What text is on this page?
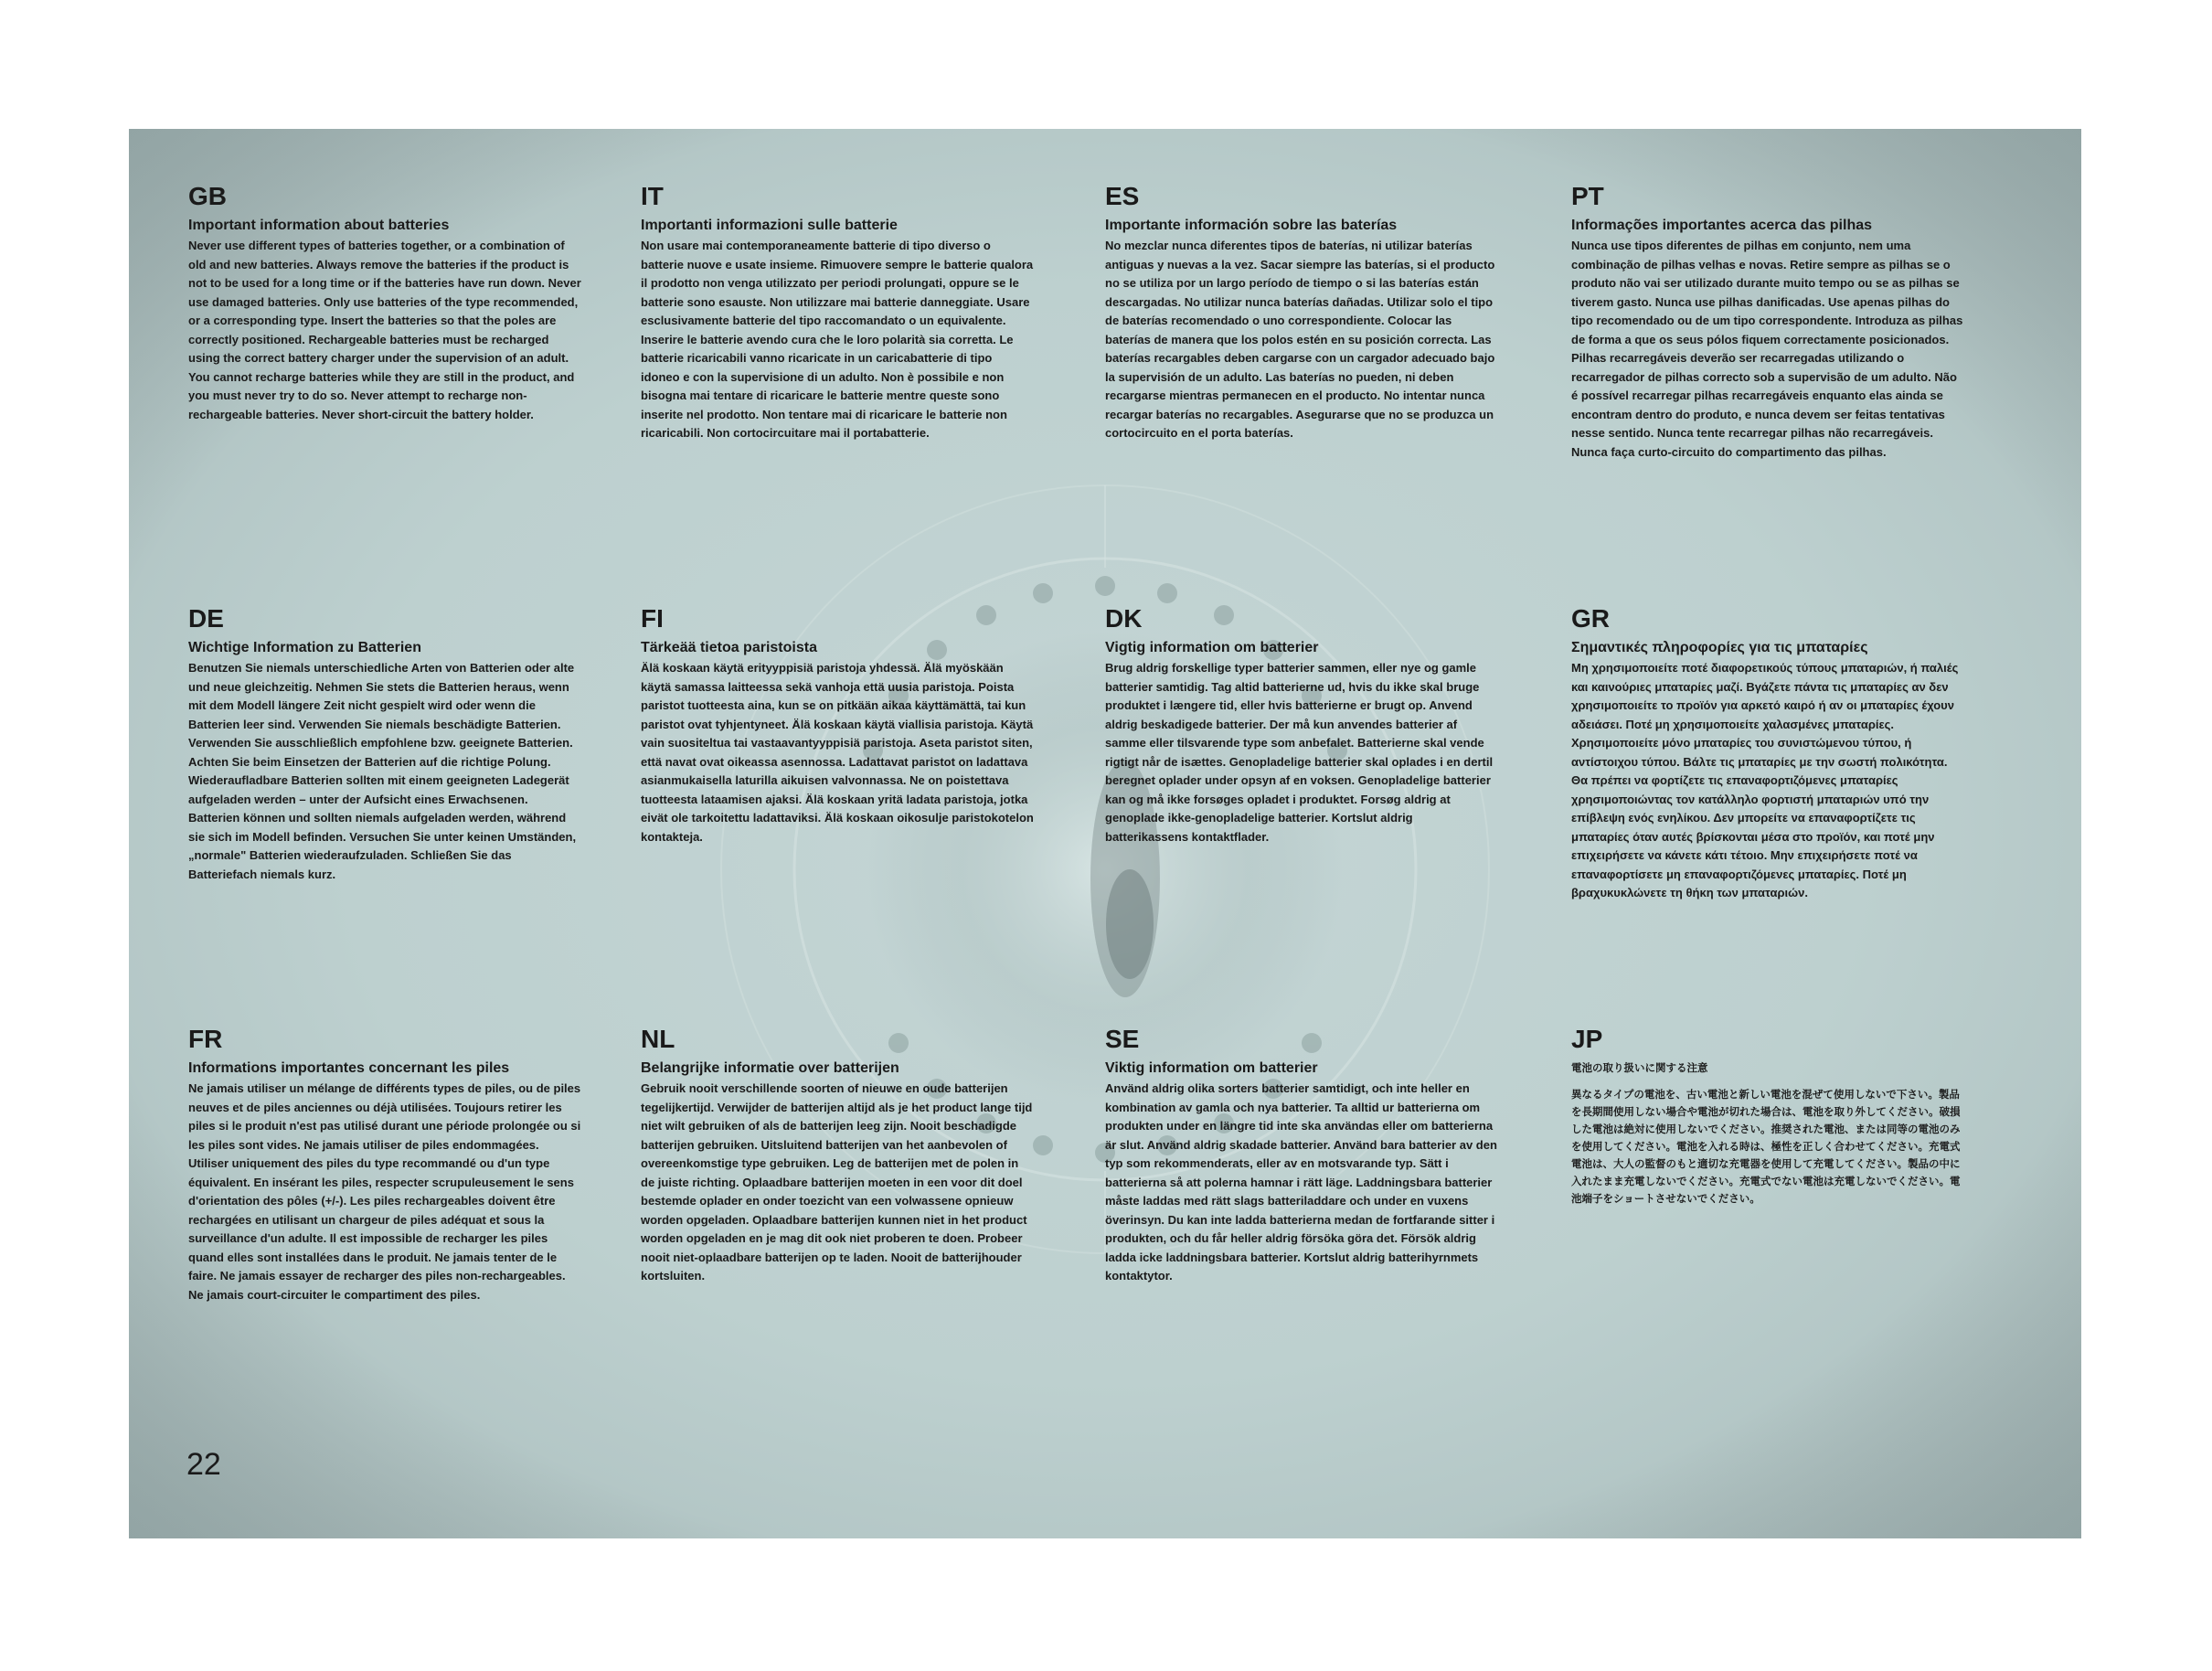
GB
Important information about batteries

Never use different types of batteries together, or a combination of old and new batteries. Always remove the batteries if the product is not to be used for a long time or if the batteries have run down. Never use damaged batteries. Only use batteries of the type recommended, or a corresponding type. Insert the batteries so that the poles are correctly positioned. Rechargeable batteries must be recharged using the correct battery charger under the supervision of an adult. You cannot recharge batteries while they are still in the product, and you must never try to do so. Never attempt to recharge non-rechargeable batteries. Never short-circuit the battery holder.

IT
Importanti informazioni sulle batterie

Non usare mai contemporaneamente batterie di tipo diverso o batterie nuove e usate insieme. Rimuovere sempre le batterie qualora il prodotto non venga utilizzato per periodi prolungati, oppure se le batterie sono esauste. Non utilizzare mai batterie danneggiate. Usare esclusivamente batterie del tipo raccomandato o un equivalente. Inserire le batterie avendo cura che le loro polarità sia corretta. Le batterie ricaricabili vanno ricaricate in un caricabatterie di tipo idoneo e con la supervisione di un adulto. Non è possibile e non bisogna mai tentare di ricaricare le batterie mentre queste sono inserite nel prodotto. Non tentare mai di ricaricare le batterie non ricaricabili. Non cortocircuitare mai il portabatterie.

ES
Importante información sobre las baterías

No mezclar nunca diferentes tipos de baterías, ni utilizar baterías antiguas y nuevas a la vez. Sacar siempre las baterías, si el producto no se utiliza por un largo período de tiempo o si las baterías están descargadas. No utilizar nunca baterías dañadas. Utilizar solo el tipo de baterías recomendado o uno correspondiente. Colocar las baterías de manera que los polos estén en su posición correcta. Las baterías recargables deben cargarse con un cargador adecuado bajo la supervisión de un adulto. Las baterías no pueden, ni deben recargarse mientras permanecen en el producto. No intentar nunca recargar baterías no recargables. Asegurarse que no se produzca un cortocircuito en el porta baterías.

PT
Informações importantes acerca das pilhas

Nunca use tipos diferentes de pilhas em conjunto, nem uma combinação de pilhas velhas e novas. Retire sempre as pilhas se o produto não vai ser utilizado durante muito tempo ou se as pilhas se tiverem gasto. Nunca use pilhas danificadas. Use apenas pilhas do tipo recomendado ou de um tipo correspondente. Introduza as pilhas de forma a que os seus pólos fiquem correctamente posicionados. Pilhas recarregáveis deverão ser recarregadas utilizando o recarregador de pilhas correcto sob a supervisão de um adulto. Não é possível recarregar pilhas recarregáveis enquanto elas ainda se encontram dentro do produto, e nunca devem ser feitas tentativas nesse sentido. Nunca tente recarregar pilhas não recarregáveis. Nunca faça curto-circuito do compartimento das pilhas.

DE
Wichtige Information zu Batterien

Benutzen Sie niemals unterschiedliche Arten von Batterien oder alte und neue gleichzeitig. Nehmen Sie stets die Batterien heraus, wenn mit dem Modell längere Zeit nicht gespielt wird oder wenn die Batterien leer sind. Verwenden Sie niemals beschädigte Batterien. Verwenden Sie ausschließlich empfohlene bzw. geeignete Batterien. Achten Sie beim Einsetzen der Batterien auf die richtige Polung. Wiederaufladbare Batterien sollten mit einem geeigneten Ladegerät aufgeladen werden – unter der Aufsicht eines Erwachsenen. Batterien können und sollten niemals aufgeladen werden, während sie sich im Modell befinden. Versuchen Sie unter keinen Umständen, „normale" Batterien wiederaufzuladen. Schließen Sie das Batteriefach niemals kurz.

FI
Tärkeää tietoa paristoista

Älä koskaan käytä erityyppisiä paristoja yhdessä. Älä myöskään käytä samassa laitteessa sekä vanhoja että uusia paristoja. Poista paristot tuotteesta aina, kun se on pitkään aikaa käyttämättä, tai kun paristot ovat tyhjentyneet. Älä koskaan käytä viallisia paristoja. Käytä vain suositeltua tai vastaavantyyppisiä paristoja. Aseta paristot siten, että navat ovat oikeassa asennossa. Ladattavat paristot on ladattava asianmukaisella laturilla aikuisen valvonnassa. Ne on poistettava tuotteesta lataamisen ajaksi. Älä koskaan yritä ladata paristoja, jotka eivät ole tarkoitettu ladattaviksi. Älä koskaan oikosulje paristokotelon kontakteja.

DK
Vigtig information om batterier

Brug aldrig forskellige typer batterier sammen, eller nye og gamle batterier samtidig. Tag altid batterierne ud, hvis du ikke skal bruge produktet i længere tid, eller hvis batterierne er brugt op. Anvend aldrig beskadigede batterier. Der må kun anvendes batterier af samme eller tilsvarende type som anbefalet. Batterierne skal vende rigtigt når de isættes. Genopladelige batterier skal oplades i en dertil beregnet oplader under opsyn af en voksen. Genopladelige batterier kan og må ikke forsøges opladet i produktet. Forsøg aldrig at genoplade ikke-genopladelige batterier. Kortslut aldrig batterikassens kontaktflader.

GR
Σημαντικές πληροφορίες για τις μπαταρίες

Μη χρησιμοποιείτε ποτέ διαφορετικούς τύπους μπαταριών, ή παλιές και καινούριες μπαταρίες μαζί. Βγάζετε πάντα τις μπαταρίες αν δεν χρησιμοποιείτε το προϊόν για αρκετό καιρό ή αν οι μπαταρίες έχουν αδειάσει. Ποτέ μη χρησιμοποιείτε χαλασμένες μπαταρίες. Χρησιμοποιείτε μόνο μπαταρίες του συνιστώμενου τύπου, ή αντίστοιχου τύπου. Βάλτε τις μπαταρίες με την σωστή πολικότητα. Θα πρέπει να φορτίζετε τις επαναφορτιζόμενες μπαταρίες χρησιμοποιώντας τον κατάλληλο φορτιστή μπαταριών υπό την επίβλεψη ενός ενηλίκου. Δεν μπορείτε να επαναφορτίζετε τις μπαταρίες όταν αυτές βρίσκονται μέσα στο προϊόν, και ποτέ μην επιχειρήσετε να κάνετε κάτι τέτοιο. Μην επιχειρήσετε ποτέ να επαναφορτίσετε μη επαναφορτιζόμενες μπαταρίες. Ποτέ μη βραχυκυκλώνετε τη θήκη των μπαταριών.

FR
Informations importantes concernant les piles

Ne jamais utiliser un mélange de différents types de piles, ou de piles neuves et de piles anciennes ou déjà utilisées. Toujours retirer les piles si le produit n'est pas utilisé durant une période prolongée ou si les piles sont vides. Ne jamais utiliser de piles endommagées. Utiliser uniquement des piles du type recommandé ou d'un type équivalent. En insérant les piles, respecter scrupuleusement le sens d'orientation des pôles (+/-). Les piles rechargeables doivent être rechargées en utilisant un chargeur de piles adéquat et sous la surveillance d'un adulte. Il est impossible de recharger les piles quand elles sont installées dans le produit. Ne jamais tenter de le faire. Ne jamais essayer de recharger des piles non-rechargeables. Ne jamais court-circuiter le compartiment des piles.

NL
Belangrijke informatie over batterijen

Gebruik nooit verschillende soorten of nieuwe en oude batterijen tegelijkertijd. Verwijder de batterijen altijd als je het product lange tijd niet wilt gebruiken of als de batterijen leeg zijn. Nooit beschadigde batterijen gebruiken. Uitsluitend batterijen van het aanbevolen of overeenkomstige type gebruiken. Leg de batterijen met de polen in de juiste richting. Oplaadbare batterijen moeten in een voor dit doel bestemde oplader en onder toezicht van een volwassene opnieuw worden opgeladen. Oplaadbare batterijen kunnen niet in het product worden opgeladen en je mag dit ook niet proberen te doen. Probeer nooit niet-oplaadbare batterijen op te laden. Nooit de batterijhouder kortsluiten.

SE
Viktig information om batterier

Använd aldrig olika sorters batterier samtidigt, och inte heller en kombination av gamla och nya batterier. Ta alltid ur batterierna om produkten under en längre tid inte ska användas eller om batterierna är slut. Använd aldrig skadade batterier. Använd bara batterier av den typ som rekommenderats, eller av en motsvarande typ. Sätt i batterierna så att polerna hamnar i rätt läge. Laddningsbara batterier måste laddas med rätt slags batteriladdare och under en vuxens överinsyn. Du kan inte ladda batterierna medan de fortfarande sitter i produkten, och du får heller aldrig försöka göra det. Försök aldrig ladda icke laddningsbara batterier. Kortslut aldrig batterihyrnmets kontaktytor.

JP
電池の取り扱いに関する注意

異なるタイプの電池を、古い電池と新しい電池を混ぜて使用しないで下さい。製品を長期間使用しない場合や電池が切れた場合は、電池を取り外してください。破損した電池は絶対に使用しないでください。推奨された電池、または同等の電池のみを使用してください。電池を入れる時は、極性を正しく合わせてください。充電式電池は、大人の監督のもと適切な充電器を使用して充電してください。製品の中に入れたまま充電しないでください。充電式でない電池は充電しないでください。電池端子をショートさせないでください。

22
